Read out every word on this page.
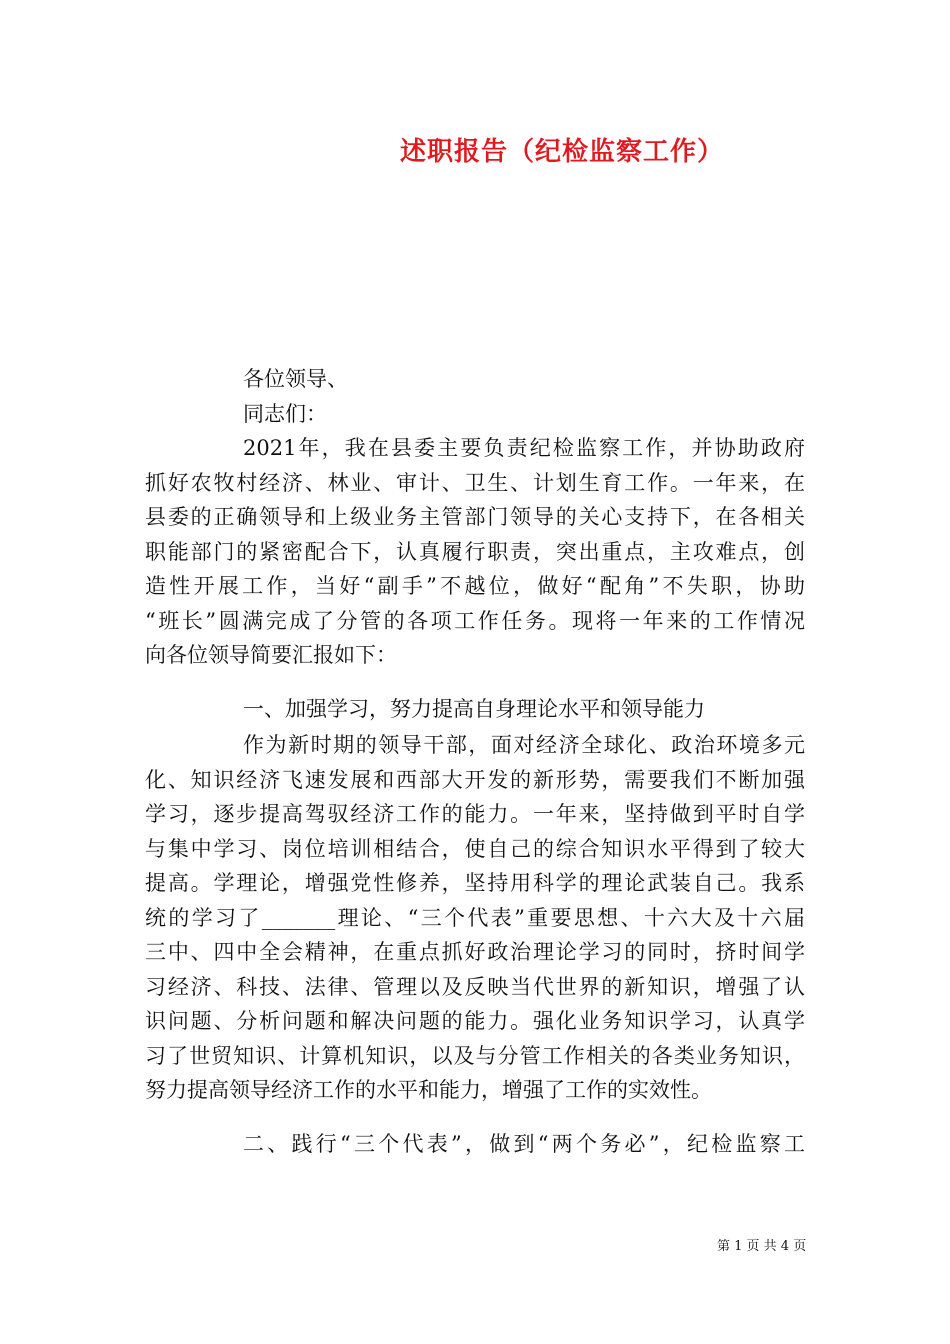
述职报告（纪检监察工作）
各位领导、
同志们：
2021年，我在县委主要负责纪检监察工作，并协助政府
抓好农牧村经济、林业、审计、卫生、计划生育工作。一年来，在
县委的正确领导和上级业务主管部门领导的关心支持下，在各相关
职能部门的紧密配合下，认真履行职责，突出重点，主攻难点，创
造性开展工作，当好“副手”不越位，做好“配角”不失职，协助
“班长”圆满完成了分管的各项工作任务。现将一年来的工作情况
向各位领导简要汇报如下：
一、加强学习，努力提高自身理论水平和领导能力
作为新时期的领导干部，面对经济全球化、政治环境多元
化、知识经济飞速发展和西部大开发的新形势，需要我们不断加强
学习，逐步提高驾驭经济工作的能力。一年来，坚持做到平时自学
与集中学习、岗位培训相结合，使自己的综合知识水平得到了较大
提高。学理论，增强党性修养，坚持用科学的理论武装自己。我系
统的学习了_______理论、“三个代表”重要思想、十六大及十六届
三中、四中全会精神，在重点抓好政治理论学习的同时，挤时间学
习经济、科技、法律、管理以及反映当代世界的新知识，增强了认
识问题、分析问题和解决问题的能力。强化业务知识学习，认真学
习了世贸知识、计算机知识，以及与分管工作相关的各类业务知识，
努力提高领导经济工作的水平和能力，增强了工作的实效性。
二、践行“三个代表”，做到“两个务必”，纪检监察工
第 1 页 共 4 页
